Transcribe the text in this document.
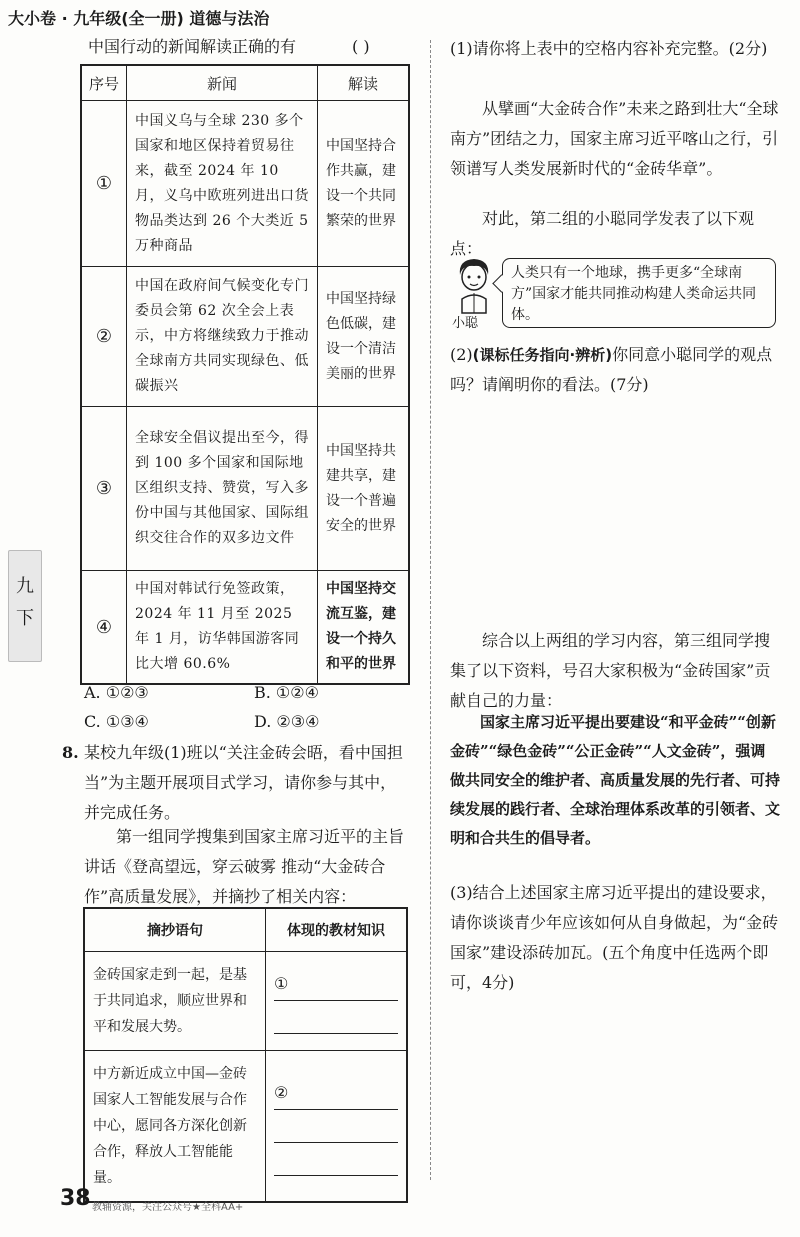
大小卷 · 九年级(全一册) 道德与法治
中国行动的新闻解读正确的有	( )
序号	新闻	解读
①	中国义乌与全球 230 多个国家和地区保持着贸易往来，截至 2024 年 10 月，义乌中欧班列进出口货物品类达到 26 个大类近 5 万种商品	中国坚持合作共赢，建设一个共同繁荣的世界
②	中国在政府间气候变化专门委员会第 62 次全会上表示，中方将继续致力于推动全球南方共同实现绿色、低碳振兴	中国坚持绿色低碳，建设一个清洁美丽的世界
③	全球安全倡议提出至今，得到 100 多个国家和国际地区组织支持、赞赏，写入多份中国与其他国家、国际组织交往合作的双多边文件	中国坚持共建共享，建设一个普遍安全的世界
④	中国对韩试行免签政策，2024 年 11 月至 2025 年 1 月，访华韩国游客同比大增 60.6%	中国坚持交流互鉴，建设一个持久和平的世界
A. ①②③	B. ①②④
C. ①③④	D. ②③④
8. 某校九年级(1)班以“关注金砖会晤，看中国担当”为主题开展项目式学习，请你参与其中，并完成任务。
第一组同学搜集到国家主席习近平的主旨讲话《登高望远，穿云破雾 推动“大金砖合作”高质量发展》，并摘抄了相关内容：
摘抄语句	体现的教材知识
金砖国家走到一起，是基于共同追求，顺应世界和平和发展大势。	①

中方新近成立中国—金砖国家人工智能发展与合作中心，愿同各方深化创新合作，释放人工智能能量。	②
九
下
(1)请你将上表中的空格内容补充完整。(2分)
从擘画“大金砖合作”未来之路到壮大“全球南方”团结之力，国家主席习近平喀山之行，引领谱写人类发展新时代的“金砖华章”。
对此，第二组的小聪同学发表了以下观点：
小聪
人类只有一个地球，携手更多“全球南方”国家才能共同推动构建人类命运共同体。
(2)(课标任务指向·辨析)你同意小聪同学的观点吗？请阐明你的看法。(7分)
综合以上两组的学习内容，第三组同学搜集了以下资料，号召大家积极为“金砖国家”贡献自己的力量：
国家主席习近平提出要建设“和平金砖”“创新金砖”“绿色金砖”“公正金砖”“人文金砖”，强调做共同安全的维护者、高质量发展的先行者、可持续发展的践行者、全球治理体系改革的引领者、文明和合共生的倡导者。
(3)结合上述国家主席习近平提出的建设要求，请你谈谈青少年应该如何从自身做起，为“金砖国家”建设添砖加瓦。(五个角度中任选两个即可，4分)
38 教辅资源，关注公众号★全科AA+
